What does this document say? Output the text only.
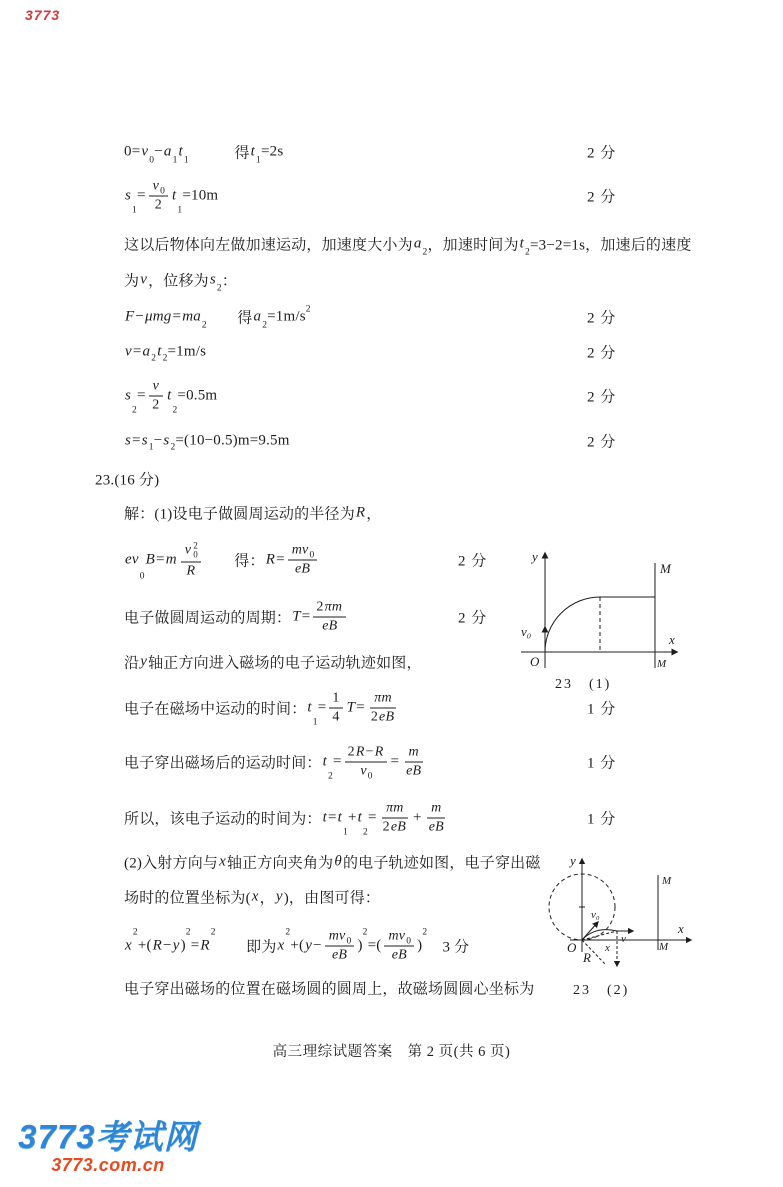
3773
0= v
0
− a
1
t
1 　　　得 t
1
=2s	2 分
s
1
= $\frac{v 0}{2}$ t
1
=10m	2 分
这以后物体向左做加速运动，加速度大小为 a
2 ，加速时间为 t
2 =3−2=1s，加速后的速度
为 v ，位移为 s
2 ：
F − μmg = ma
2 　　得 a
2
=1m/s 2
2 分
v = a 2 t 2 =1m/s	2 分
s
2
= $\frac{v}{2}$ t
2
=0.5m	2 分
s = s 1 − s 2 =(10−0.5)m=9.5m	2 分
23.(16 分)
解：(1)设电子做圆周运动的半径为 R ，
ev
0
B = m v 2
0
R 　　得： $R = \frac{mv 0}{eB}$	2 分
电子做圆周运动的周期： $T = \frac{2 \pi m}{eB}$	2 分
沿 y 轴正方向进入磁场的电子运动轨迹如图，
电子在磁场中运动的时间： t
1
= $\frac{1}{4}$ $T = \frac{\pi m}{2 eB}$	1 分
电子穿出磁场后的运动时间： t
2
= $\frac{2 R - R}{v 0} = \frac{m}{eB}$	1 分
所以，该电子运动的时间为： t = t
1
+ t
2
= $\frac{\pi m}{2 eB} + \frac{m}{eB}$	1 分
(2)入射方向与 x 轴正方向夹角为 θ 的电子轨迹如图，电子穿出磁
场时的位置坐标为( x ， y )，由图可得：
x
2
+( R − y )
2
= R
2
　　即为 x
2
+( $y - \frac{mv 0}{eB}$ )
2
=( $\frac{mv 0}{eB}$ )
2
　3 分
电子穿出磁场的位置在磁场圆的圆周上，故磁场圆圆心坐标为
y
x
O
M
M
v₀
23　(1)
y
x
O
M
M
v₀
v
x
R
23　(2)
高三理综试题答案　第 2 页(共 6 页)
3773考试网
3773.com.cn
